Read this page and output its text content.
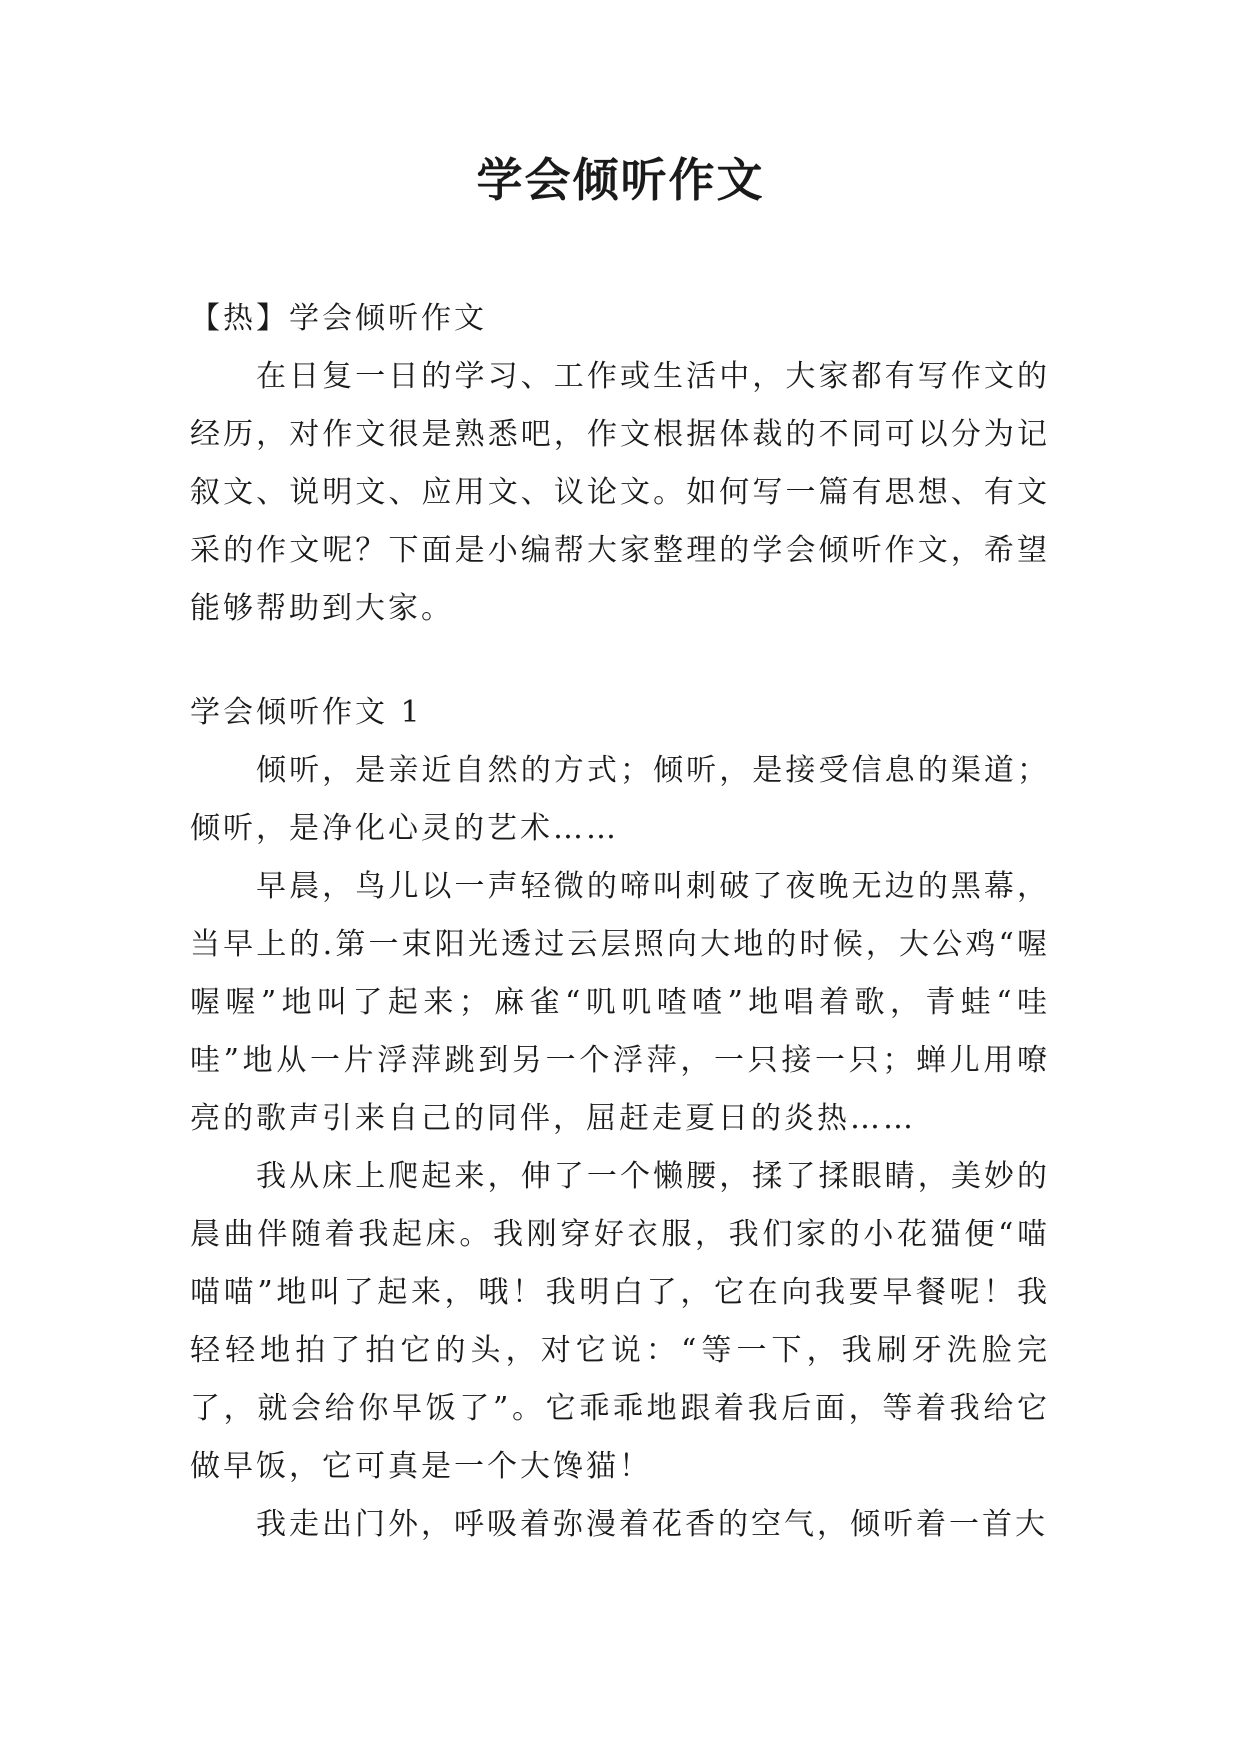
学会倾听作文

【热】学会倾听作文

在日复一日的学习、工作或生活中，大家都有写作文的经历，对作文很是熟悉吧，作文根据体裁的不同可以分为记叙文、说明文、应用文、议论文。如何写一篇有思想、有文采的作文呢？下面是小编帮大家整理的学会倾听作文，希望能够帮助到大家。

学会倾听作文 1

倾听，是亲近自然的方式；倾听，是接受信息的渠道；倾听，是净化心灵的艺术……

早晨，鸟儿以一声轻微的啼叫刺破了夜晚无边的黑幕，当早上的.第一束阳光透过云层照向大地的时候，大公鸡“喔喔喔”地叫了起来；麻雀“叽叽喳喳”地唱着歌，青蛙“哇哇”地从一片浮萍跳到另一个浮萍，一只接一只；蝉儿用嘹亮的歌声引来自己的同伴，屈赶走夏日的炎热……

我从床上爬起来，伸了一个懒腰，揉了揉眼睛，美妙的晨曲伴随着我起床。我刚穿好衣服，我们家的小花猫便“喵喵喵”地叫了起来，哦！我明白了，它在向我要早餐呢！我轻轻地拍了拍它的头，对它说：“等一下，我刷牙洗脸完了，就会给你早饭了”。它乖乖地跟着我后面，等着我给它做早饭，它可真是一个大馋猫！

我走出门外，呼吸着弥漫着花香的空气，倾听着一首大
